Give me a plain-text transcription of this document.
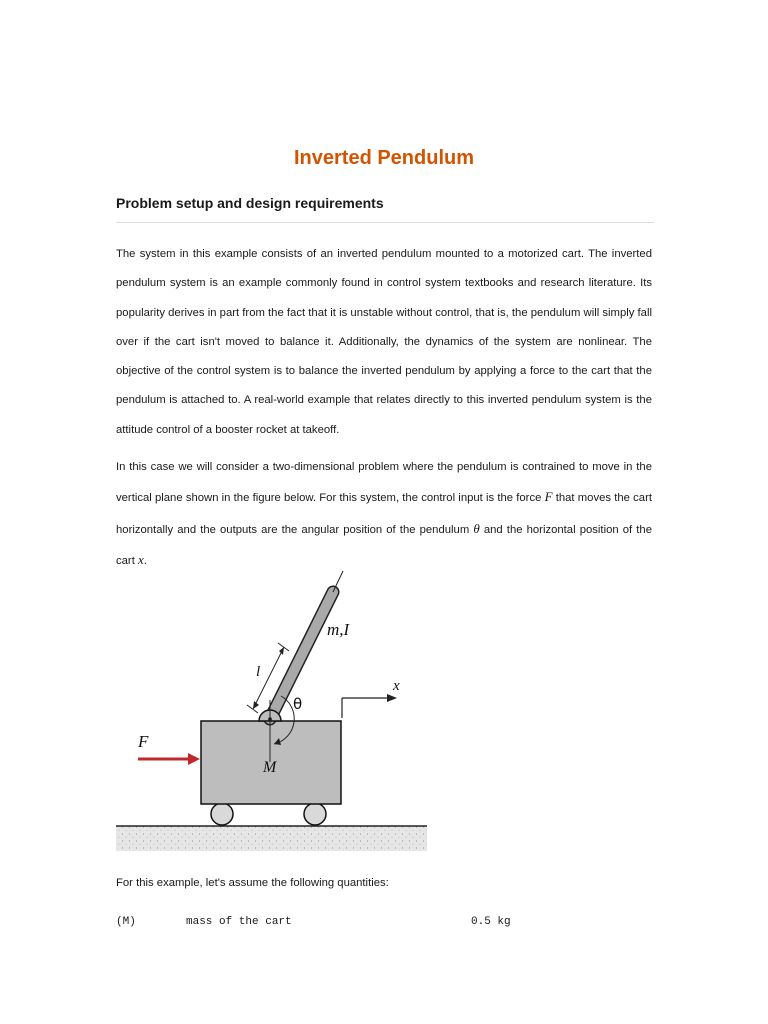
Inverted Pendulum
Problem setup and design requirements

The system in this example consists of an inverted pendulum mounted to a motorized cart. The inverted pendulum system is an example commonly found in control system textbooks and research literature. Its popularity derives in part from the fact that it is unstable without control, that is, the pendulum will simply fall over if the cart isn't moved to balance it. Additionally, the dynamics of the system are nonlinear. The objective of the control system is to balance the inverted pendulum by applying a force to the cart that the pendulum is attached to. A real-world example that relates directly to this inverted pendulum system is the attitude control of a booster rocket at takeoff.

In this case we will consider a two-dimensional problem where the pendulum is contrained to move in the vertical plane shown in the figure below. For this system, the control input is the force F that moves the cart horizontally and the outputs are the angular position of the pendulum θ and the horizontal position of the cart x.

m,I
l
θ
x
F
M

For this example, let's assume the following quantities:

(M)	mass of the cart	0.5 kg
